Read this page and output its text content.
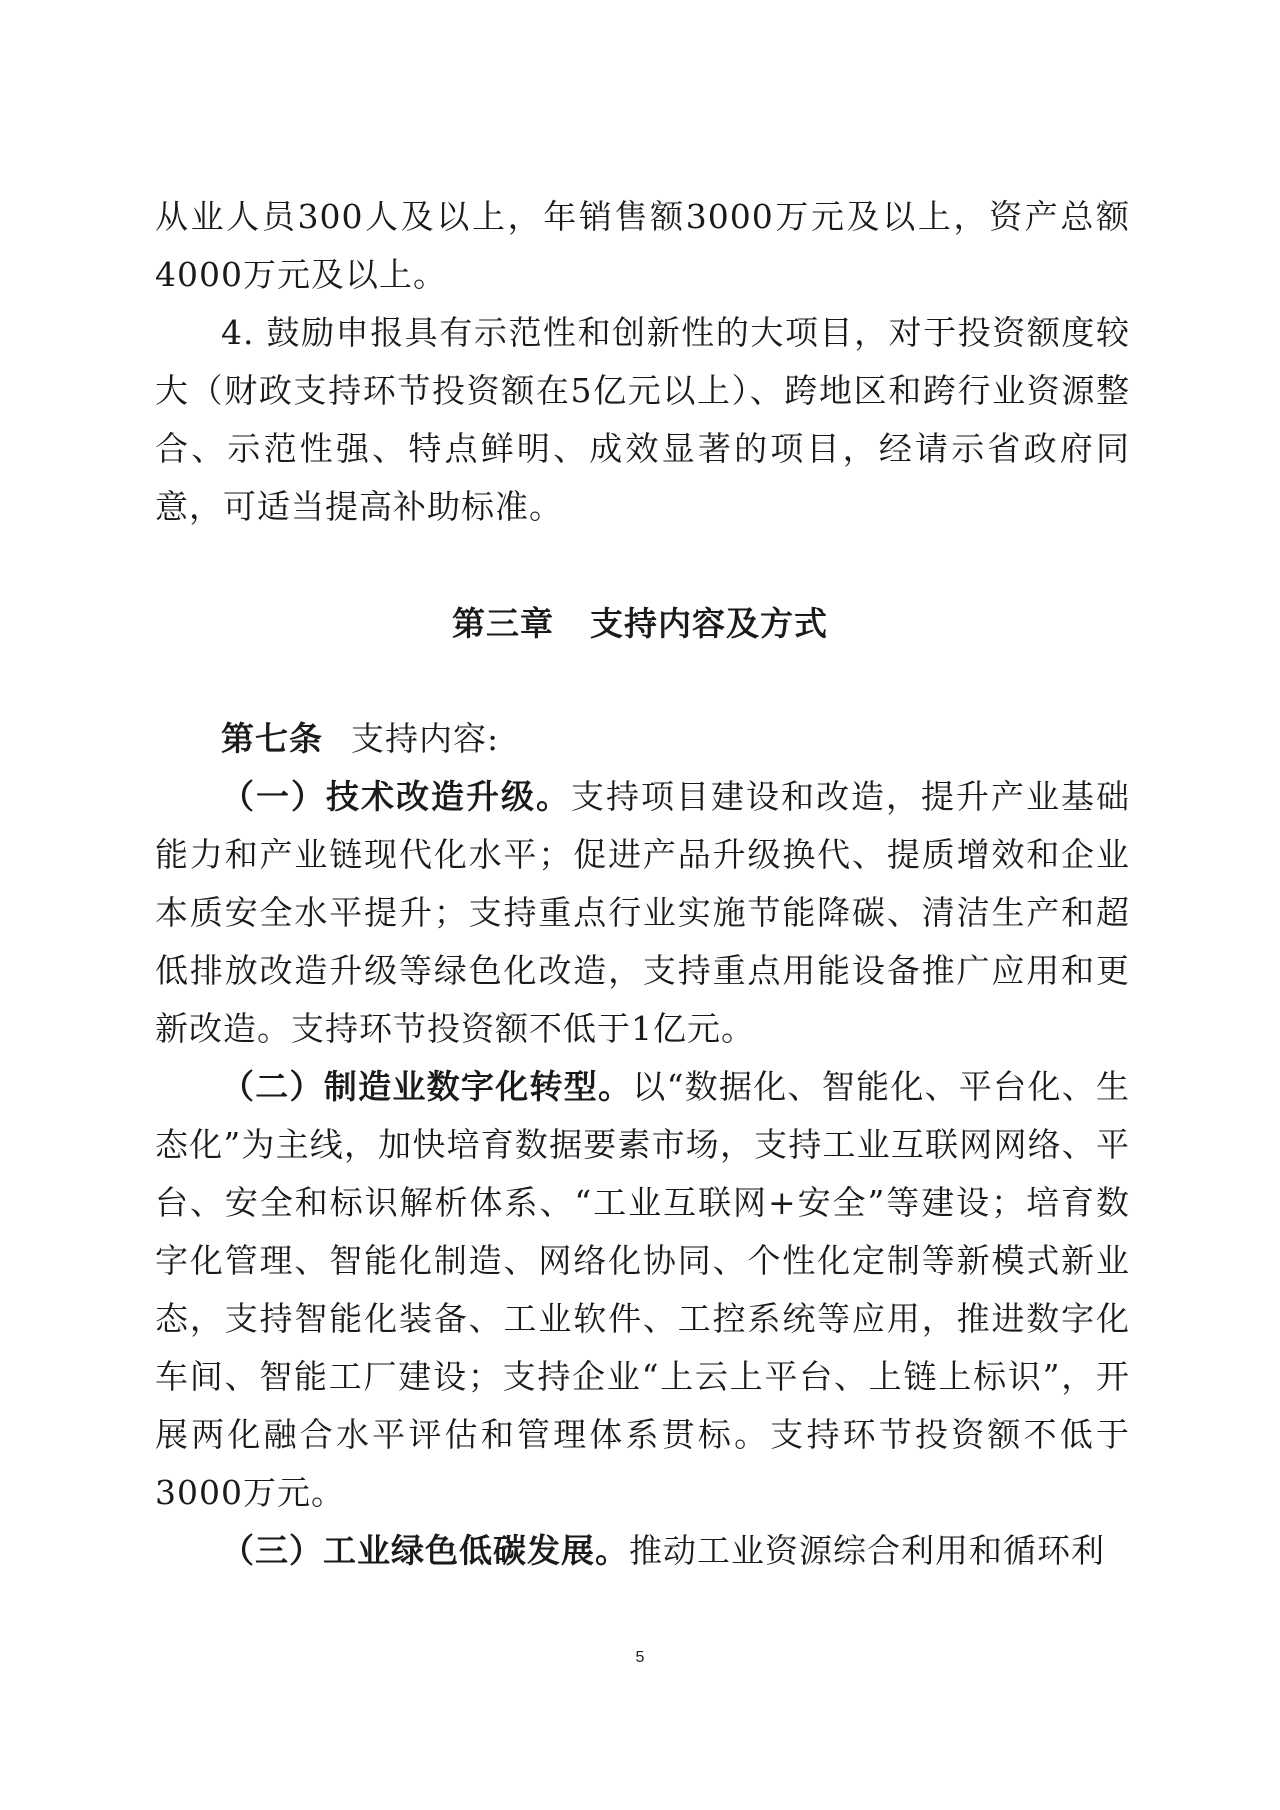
从业人员300人及以上，年销售额3000万元及以上，资产总额4000万元及以上。

4. 鼓励申报具有示范性和创新性的大项目，对于投资额度较大（财政支持环节投资额在5亿元以上）、跨地区和跨行业资源整合、示范性强、特点鲜明、成效显著的项目，经请示省政府同意，可适当提高补助标准。

第三章 支持内容及方式

第七条 支持内容:

（一）技术改造升级。支持项目建设和改造，提升产业基础能力和产业链现代化水平；促进产品升级换代、提质增效和企业本质安全水平提升；支持重点行业实施节能降碳、清洁生产和超低排放改造升级等绿色化改造，支持重点用能设备推广应用和更新改造。支持环节投资额不低于1亿元。

（二）制造业数字化转型。以“数据化、智能化、平台化、生态化”为主线，加快培育数据要素市场，支持工业互联网网络、平台、安全和标识解析体系、“工业互联网+安全”等建设；培育数字化管理、智能化制造、网络化协同、个性化定制等新模式新业态，支持智能化装备、工业软件、工控系统等应用，推进数字化车间、智能工厂建设；支持企业“上云上平台、上链上标识”，开展两化融合水平评估和管理体系贯标。支持环节投资额不低于3000万元。

（三）工业绿色低碳发展。推动工业资源综合利用和循环利

5
